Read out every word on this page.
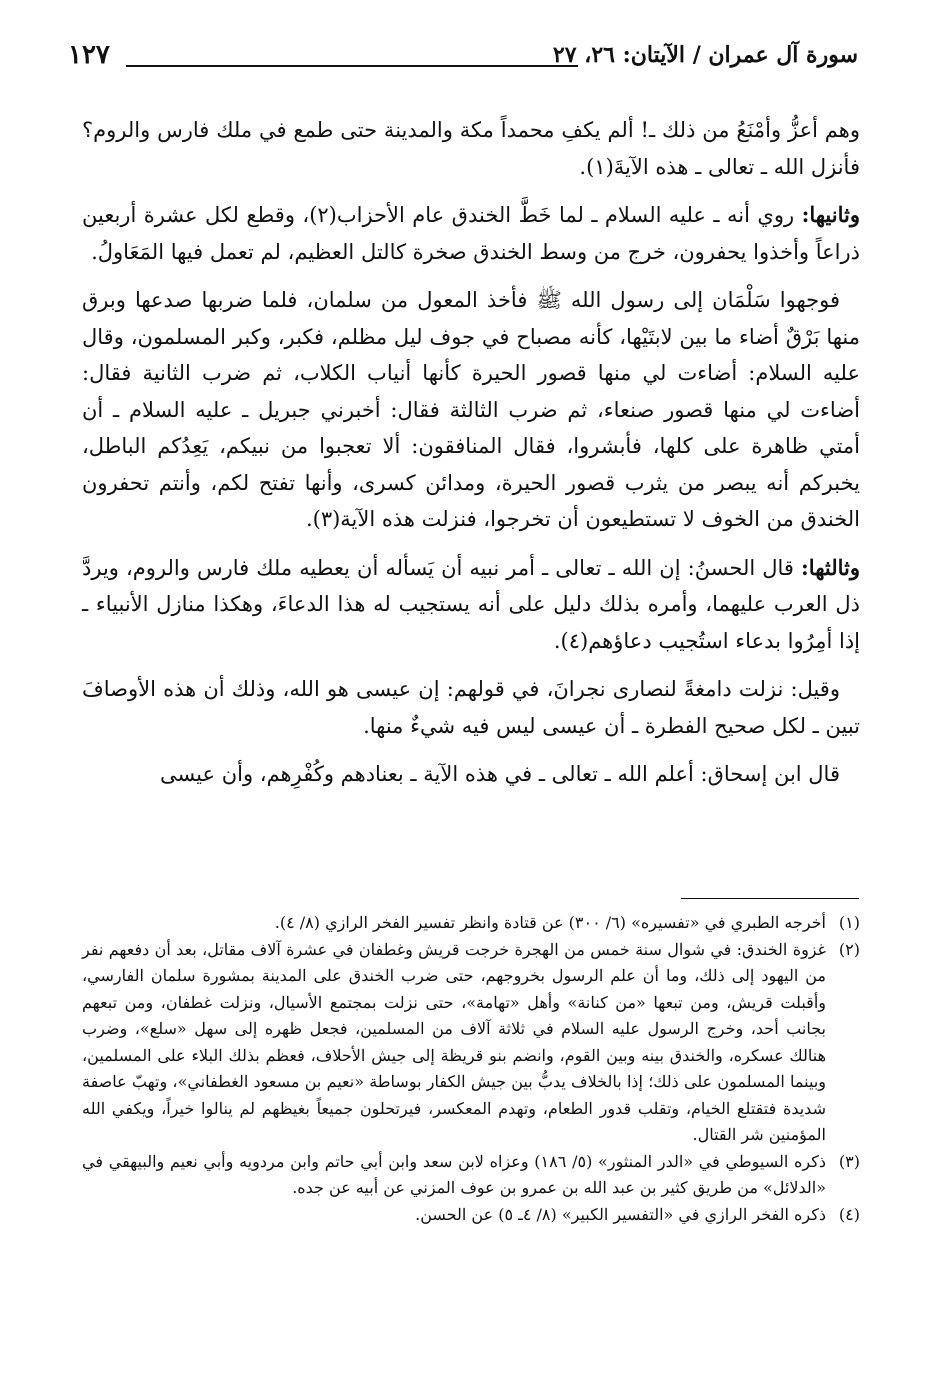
سورة آل عمران / الآيتان: ٢٦، ٢٧
١٢٧

وهم أعزُّ وأمْنَعُ من ذلك ـ! ألم يكفِ محمداً مكة والمدينة حتى طمع في ملك فارس والروم؟ فأنزل الله ـ تعالى ـ هذه الآيةَ(١).

وثانيها: روي أنه ـ عليه السلام ـ لما خَطَّ الخندق عام الأحزاب(٢)، وقطع لكل عشرة أربعين ذراعاً وأخذوا يحفرون، خرج من وسط الخندق صخرة كالتل العظيم، لم تعمل فيها المَعَاولُ.

فوجهوا سَلْمَان إلى رسول الله ﷺ فأخذ المعول من سلمان، فلما ضربها صدعها وبرق منها بَرْقٌ أضاء ما بين لابتَيْها، كأنه مصباح في جوف ليل مظلم، فكبر، وكبر المسلمون، وقال عليه السلام: أضاءت لي منها قصور الحيرة كأنها أنياب الكلاب، ثم ضرب الثانية فقال: أضاءت لي منها قصور صنعاء، ثم ضرب الثالثة فقال: أخبرني جبريل ـ عليه السلام ـ أن أمتي ظاهرة على كلها، فأبشروا، فقال المنافقون: ألا تعجبوا من نبيكم، يَعِدُكم الباطل، يخبركم أنه يبصر من يثرب قصور الحيرة، ومدائن كسرى، وأنها تفتح لكم، وأنتم تحفرون الخندق من الخوف لا تستطيعون أن تخرجوا، فنزلت هذه الآية(٣).

وثالثها: قال الحسنُ: إن الله ـ تعالى ـ أمر نبيه أن يَسأله أن يعطيه ملك فارس والروم، ويردَّ ذل العرب عليهما، وأمره بذلك دليل على أنه يستجيب له هذا الدعاءَ، وهكذا منازل الأنبياء ـ إذا أمِرُوا بدعاء استُجيب دعاؤهم(٤).

وقيل: نزلت دامغةً لنصارى نجرانَ، في قولهم: إن عيسى هو الله، وذلك أن هذه الأوصافَ تبين ـ لكل صحيح الفطرة ـ أن عيسى ليس فيه شيءٌ منها.

قال ابن إسحاق: أعلم الله ـ تعالى ـ في هذه الآية ـ بعنادهم وكُفْرِهم، وأن عيسى

(١)
أخرجه الطبري في «تفسيره» (٦/ ٣٠٠) عن قتادة وانظر تفسير الفخر الرازي (٨/ ٤).
(٢)
غزوة الخندق: في شوال سنة خمس من الهجرة خرجت قريش وغطفان في عشرة آلاف مقاتل، بعد أن دفعهم نفر من اليهود إلى ذلك، وما أن علم الرسول بخروجهم، حتى ضرب الخندق على المدينة بمشورة سلمان الفارسي، وأقبلت قريش، ومن تبعها «من كنانة» وأهل «تهامة»، حتى نزلت بمجتمع الأسيال، ونزلت غطفان، ومن تبعهم بجانب أحد، وخرج الرسول عليه السلام في ثلاثة آلاف من المسلمين، فجعل ظهره إلى سهل «سلع»، وضرب هنالك عسكره، والخندق بينه وبين القوم، وانضم بنو قريظة إلى جيش الأحلاف، فعظم بذلك البلاء على المسلمين، وبينما المسلمون على ذلك؛ إذا بالخلاف يدبُّ بين جيش الكفار بوساطة «نعيم بن مسعود الغطفاني»، وتهبّ عاصفة شديدة فتقتلع الخيام، وتقلب قدور الطعام، وتهدم المعكسر، فيرتحلون جميعاً بغيظهم لم ينالوا خيراً، ويكفي الله المؤمنين شر القتال.
(٣)
ذكره السيوطي في «الدر المنثور» (٥/ ١٨٦) وعزاه لابن سعد وابن أبي حاتم وابن مردويه وأبي نعيم والبيهقي في «الدلائل» من طريق كثير بن عبد الله بن عمرو بن عوف المزني عن أبيه عن جده.
(٤)
ذكره الفخر الرازي في «التفسير الكبير» (٨/ ٤ـ ٥) عن الحسن.
